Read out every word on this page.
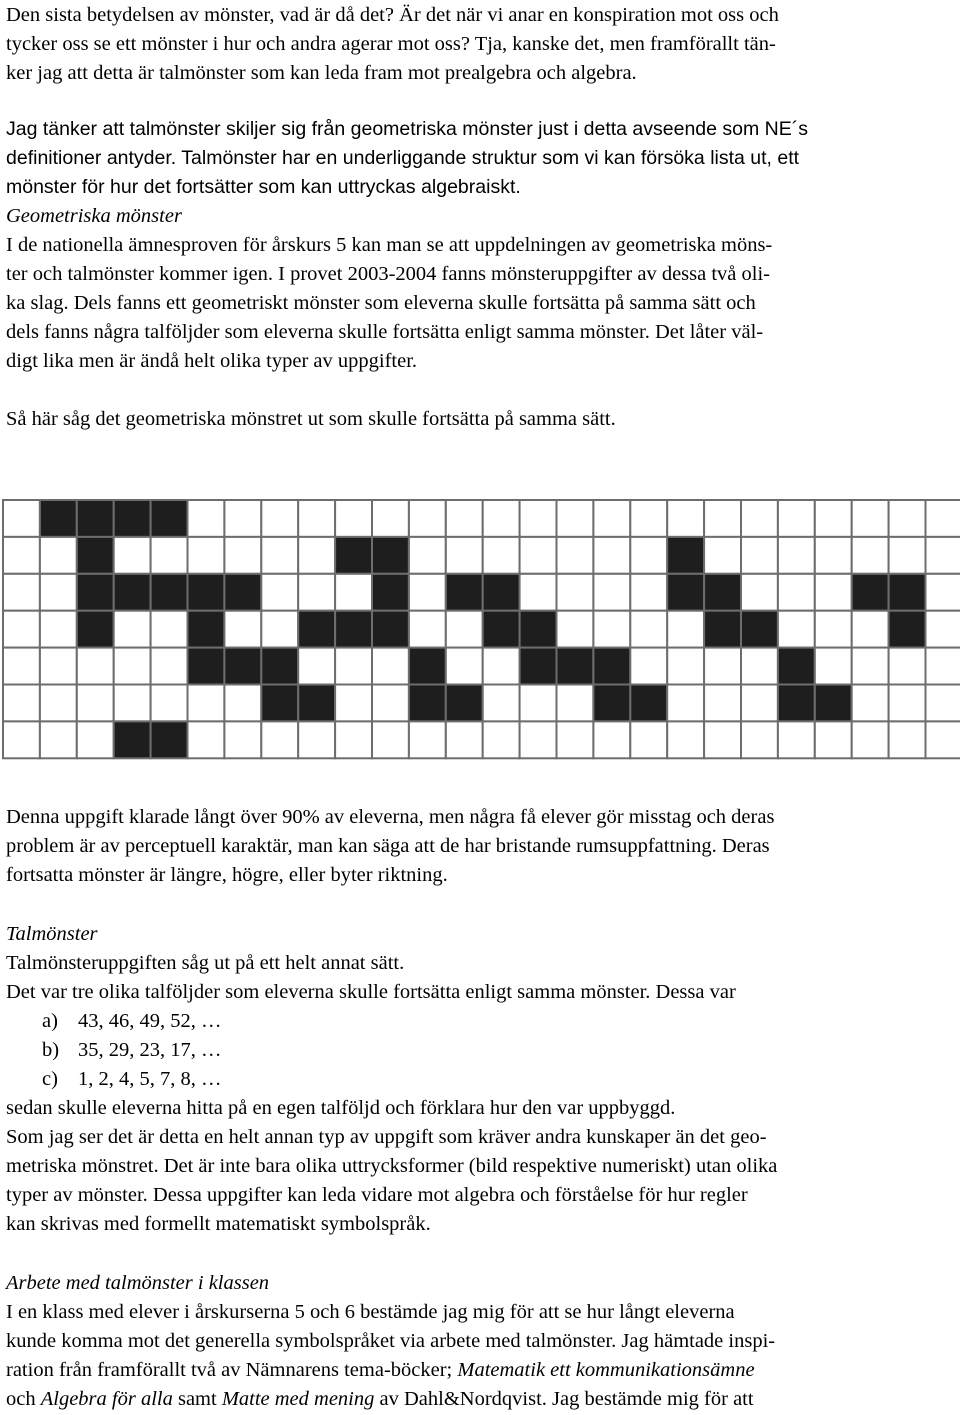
Den sista betydelsen av mönster, vad är då det? Är det när vi anar en konspiration mot oss och
tycker oss se ett mönster i hur och andra agerar mot oss? Tja, kanske det, men framförallt tän-
ker jag att detta är talmönster som kan leda fram mot prealgebra och algebra.
Jag tänker att talmönster skiljer sig från geometriska mönster just i detta avseende som NE´s
definitioner antyder. Talmönster har en underliggande struktur som vi kan försöka lista ut, ett
mönster för hur det fortsätter som kan uttryckas algebraiskt.
Geometriska mönster
I de nationella ämnesproven för årskurs 5 kan man se att uppdelningen av geometriska möns-
ter och talmönster kommer igen. I provet 2003-2004 fanns mönsteruppgifter av dessa två oli-
ka slag. Dels fanns ett geometriskt mönster som eleverna skulle fortsätta på samma sätt och
dels fanns några talföljder som eleverna skulle fortsätta enligt samma mönster. Det låter väl-
digt lika men är ändå helt olika typer av uppgifter.
Så här såg det geometriska mönstret ut som skulle fortsätta på samma sätt.
Denna uppgift klarade långt över 90% av eleverna, men några få elever gör misstag och deras
problem är av perceptuell karaktär, man kan säga att de har bristande rumsuppfattning. Deras
fortsatta mönster är längre, högre, eller byter riktning.
Talmönster
Talmönsteruppgiften såg ut på ett helt annat sätt.
Det var tre olika talföljder som eleverna skulle fortsätta enligt samma mönster. Dessa var
a) 43, 46, 49, 52, …
b) 35, 29, 23, 17, …
c) 1, 2, 4, 5, 7, 8, …
sedan skulle eleverna hitta på en egen talföljd och förklara hur den var uppbyggd.
Som jag ser det är detta en helt annan typ av uppgift som kräver andra kunskaper än det geo-
metriska mönstret. Det är inte bara olika uttrycksformer (bild respektive numeriskt) utan olika
typer av mönster. Dessa uppgifter kan leda vidare mot algebra och förståelse för hur regler
kan skrivas med formellt matematiskt symbolspråk.
Arbete med talmönster i klassen
I en klass med elever i årskurserna 5 och 6 bestämde jag mig för att se hur långt eleverna
kunde komma mot det generella symbolspråket via arbete med talmönster. Jag hämtade inspi-
ration från framförallt två av Nämnarens tema-böcker; Matematik ett kommunikationsämne
och Algebra för alla samt Matte med mening av Dahl&Nordqvist. Jag bestämde mig för att
